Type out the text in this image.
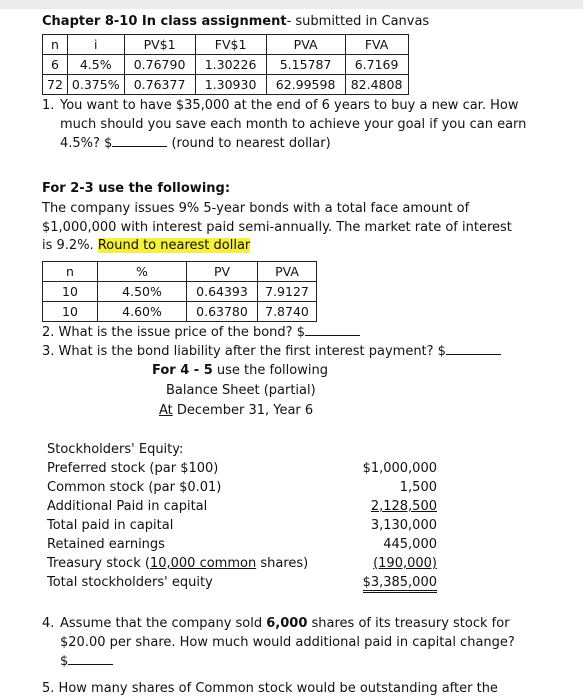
Chapter 8-10 In class assignment- submitted in Canvas
n	i	PV$1	FV$1	PVA	FVA
6	4.5%	0.76790	1.30226	5.15787	6.7169
72	0.375%	0.76377	1.30930	62.99598	82.4808
1. You want to have $35,000 at the end of 6 years to buy a new car. How
much should you save each month to achieve your goal if you can earn
4.5%? $	(round to nearest dollar)
For 2-3 use the following:
The company issues 9% 5-year bonds with a total face amount of
$1,000,000 with interest paid semi-annually. The market rate of interest
is 9.2%. Round to nearest dollar
n	%	PV	PVA
10	4.50%	0.64393	7.9127
10	4.60%	0.63780	7.8740
2. What is the issue price of the bond? $
3. What is the bond liability after the first interest payment? $
For 4 - 5 use the following
Balance Sheet (partial)
At December 31, Year 6
Stockholders' Equity:
Preferred stock (par $100)	$1,000,000
Common stock (par $0.01)	1,500
Additional Paid in capital	2,128,500
Total paid in capital	3,130,000
Retained earnings	445,000
Treasury stock (10,000 common shares)	(190,000)
Total stockholders' equity	$3,385,000
4. Assume that the company sold 6,000 shares of its treasury stock for
$20.00 per share. How much would additional paid in capital change?
$
5. How many shares of Common stock would be outstanding after the
